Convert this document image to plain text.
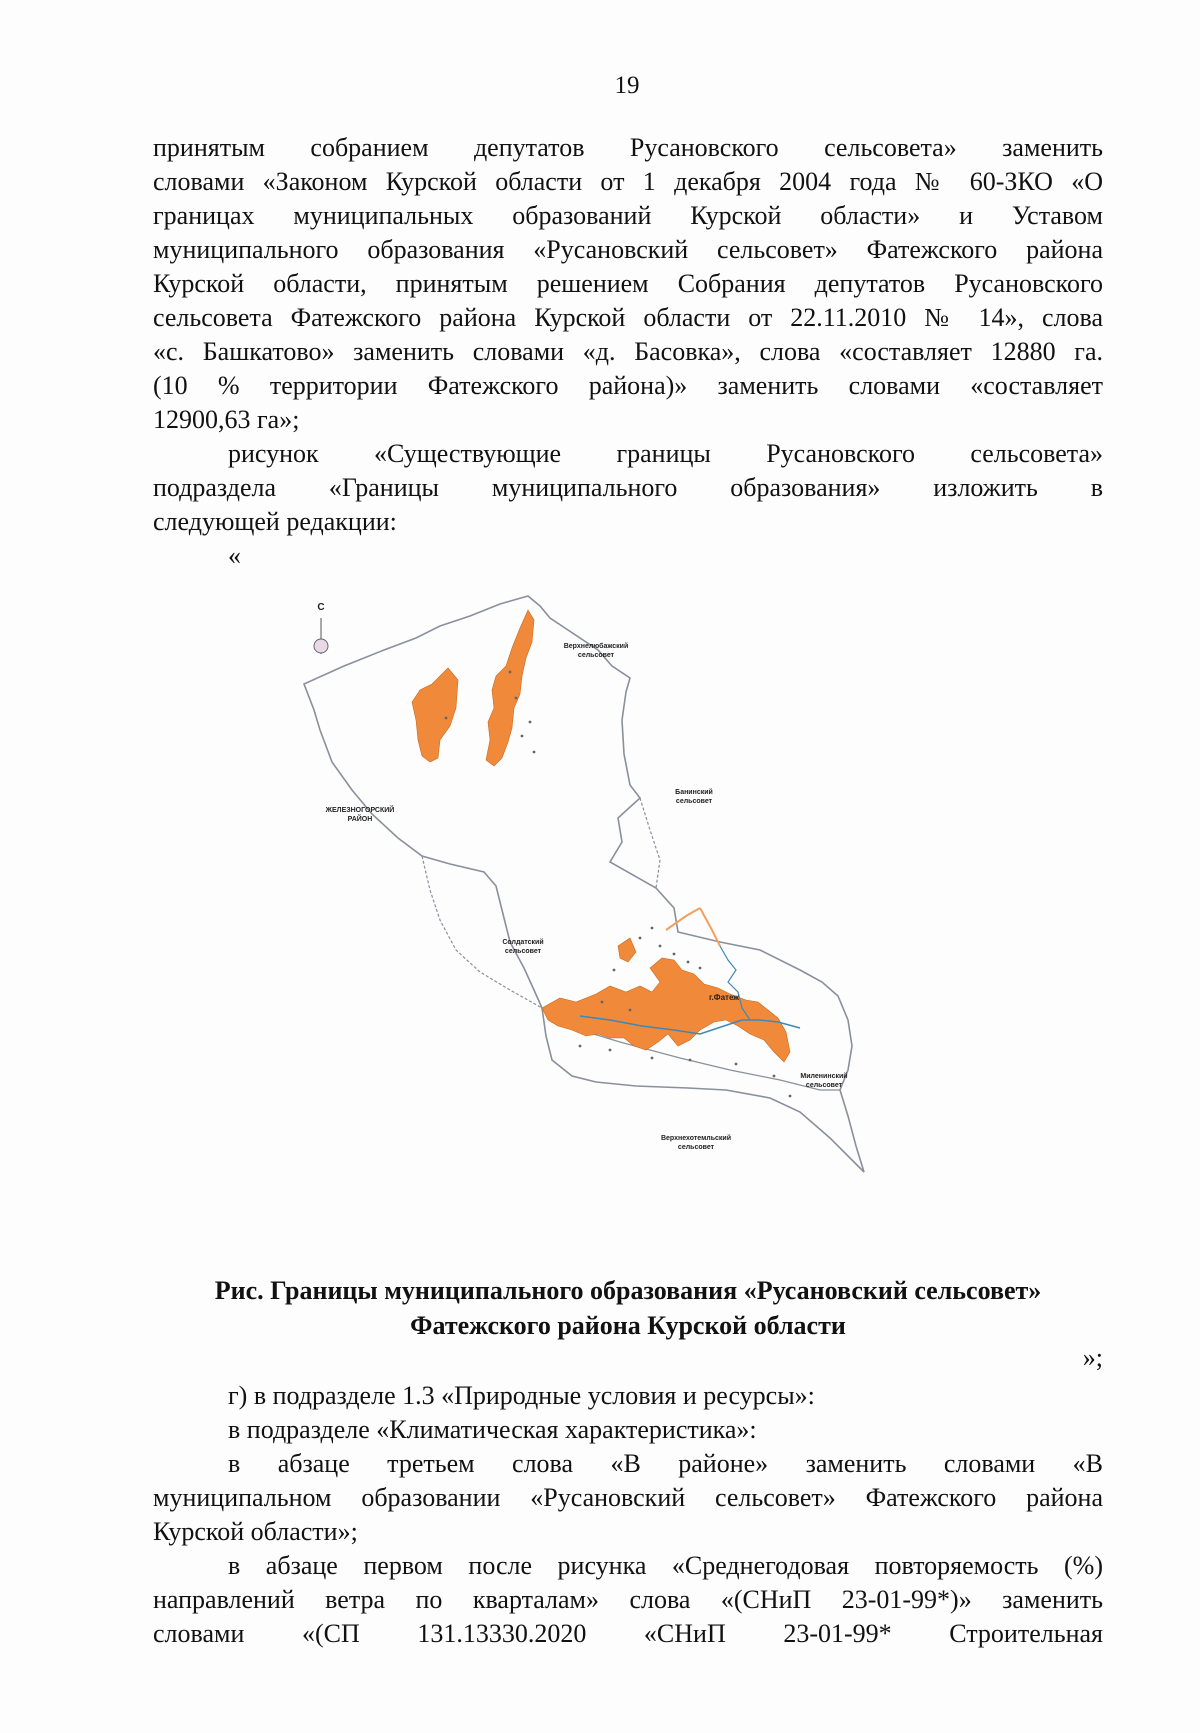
19

принятым собранием депутатов Русановского сельсовета» заменить

словами «Законом Курской области от 1 декабря 2004 года № 60-ЗКО «О

границах муниципальных образований Курской области» и Уставом

муниципального образования «Русановский сельсовет» Фатежского района

Курской области, принятым решением Собрания депутатов Русановского

сельсовета Фатежского района Курской области от 22.11.2010 № 14», слова

«с. Башкатово» заменить словами «д. Басовка», слова «составляет 12880 га.

(10 % территории Фатежского района)» заменить словами «составляет

12900,63 га»;

рисунок «Существующие границы Русановского сельсовета»

подраздела «Границы муниципального образования» изложить в

следующей редакции:

«

С
Верхнелюбажский
сельсовет
ЖЕЛЕЗНОГОРСКИЙ
РАЙОН
Банинский
сельсовет
Солдатский
сельсовет
г.Фатеж
Миленинский
сельсовет
Верхнехотемльский
сельсовет
Рис. Границы муниципального образования «Русановский сельсовет»
Фатежского района Курской области
»;

г) в подразделе 1.3 «Природные условия и ресурсы»:

в подразделе «Климатическая характеристика»:

в абзаце третьем слова «В районе» заменить словами «В

муниципальном образовании «Русановский сельсовет» Фатежского района

Курской области»;

в абзаце первом после рисунка «Среднегодовая повторяемость (%)

направлений ветра по кварталам» слова «(СНиП 23-01-99*)» заменить

словами «(СП 131.13330.2020 «СНиП 23-01-99* Строительная
